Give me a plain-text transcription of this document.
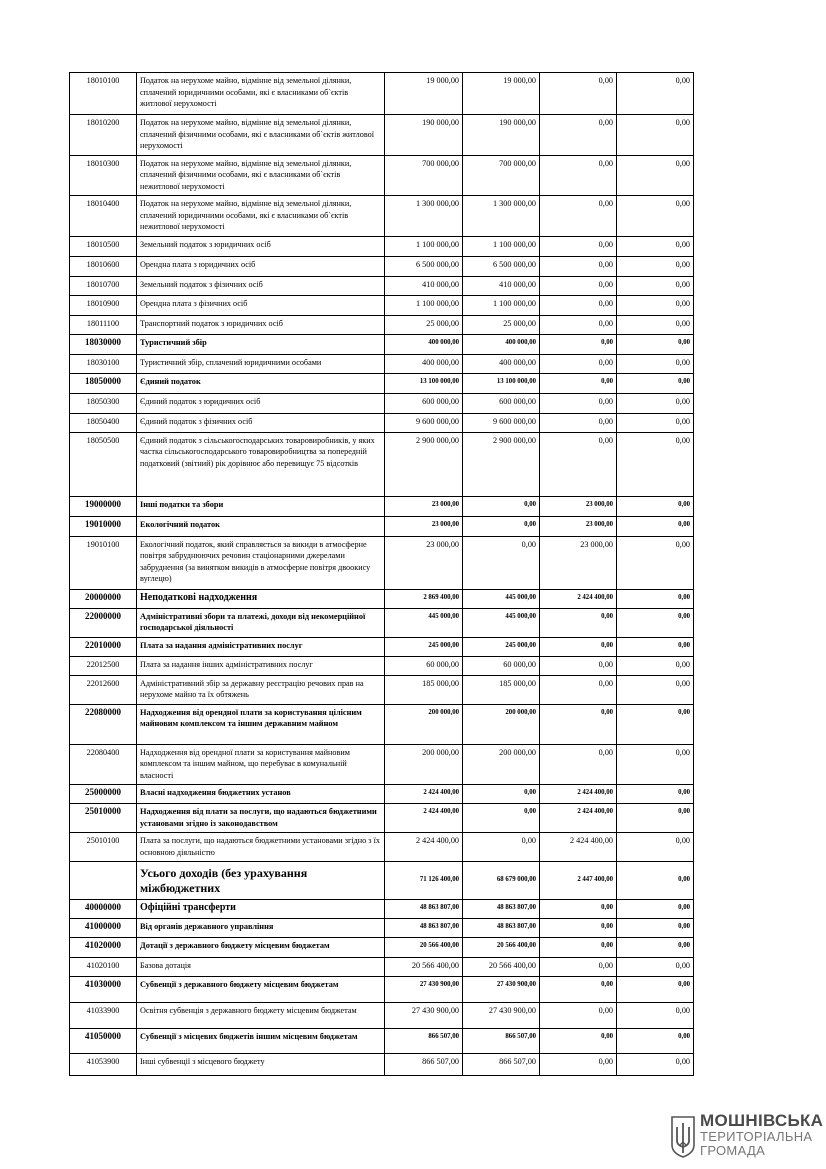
18010100	Податок на нерухоме майно, відмінне від земельної ділянки, сплачений юридичними особами, які є власниками об`єктів житлової нерухомості	19 000,00	19 000,00	0,00	0,00
18010200	Податок на нерухоме майно, відмінне від земельної ділянки, сплачений фізичними особами, які є власниками об`єктів житлової нерухомості	190 000,00	190 000,00	0,00	0,00
18010300	Податок на нерухоме майно, відмінне від земельної ділянки, сплачений фізичними особами, які є власниками об`єктів нежитлової нерухомості	700 000,00	700 000,00	0,00	0,00
18010400	Податок на нерухоме майно, відмінне від земельної ділянки, сплачений юридичними особами, які є власниками об`єктів нежитлової нерухомості	1 300 000,00	1 300 000,00	0,00	0,00
18010500	Земельний податок з юридичних осіб	1 100 000,00	1 100 000,00	0,00	0,00
18010600	Орендна плата з юридичних осіб	6 500 000,00	6 500 000,00	0,00	0,00
18010700	Земельний податок з фізичних осіб	410 000,00	410 000,00	0,00	0,00
18010900	Орендна плата з фізичних осіб	1 100 000,00	1 100 000,00	0,00	0,00
18011100	Транспортний податок з юридичних осіб	25 000,00	25 000,00	0,00	0,00
18030000	Туристичний збір	400 000,00	400 000,00	0,00	0,00
18030100	Туристичний збір, сплачений юридичними особами	400 000,00	400 000,00	0,00	0,00
18050000	Єдиний податок	13 100 000,00	13 100 000,00	0,00	0,00
18050300	Єдиний податок з юридичних осіб	600 000,00	600 000,00	0,00	0,00
18050400	Єдиний податок з фізичних осіб	9 600 000,00	9 600 000,00	0,00	0,00
18050500	Єдиний податок з сільськогосподарських товаровиробників, у яких частка сільськогосподарського товаровиробництва за попередній податковий (звітний) рік дорівнює або перевищує 75 відсотків	2 900 000,00	2 900 000,00	0,00	0,00
19000000	Інші податки та збори	23 000,00	0,00	23 000,00	0,00
19010000	Екологічний податок	23 000,00	0,00	23 000,00	0,00
19010100	Екологічний податок, який справляється за викиди в атмосферне повітря забруднюючих речовин стаціонарними джерелами забруднення (за винятком викидів в атмосферне повітря двоокису вуглецю)	23 000,00	0,00	23 000,00	0,00
20000000	Неподаткові надходження	2 869 400,00	445 000,00	2 424 400,00	0,00
22000000	Адміністративні збори та платежі, доходи від некомерційної господарської діяльності	445 000,00	445 000,00	0,00	0,00
22010000	Плата за надання адміністративних послуг	245 000,00	245 000,00	0,00	0,00
22012500	Плата за надання інших адміністративних послуг	60 000,00	60 000,00	0,00	0,00
22012600	Адміністративний збір за державну реєстрацію речових прав на нерухоме майно та їх обтяжень	185 000,00	185 000,00	0,00	0,00
22080000	Надходження від орендної плати за користування цілісним майновим комплексом та іншим державним майном	200 000,00	200 000,00	0,00	0,00
22080400	Надходження від орендної плати за користування майновим комплексом та іншим майном, що перебуває в комунальній власності	200 000,00	200 000,00	0,00	0,00
25000000	Власні надходження бюджетних установ	2 424 400,00	0,00	2 424 400,00	0,00
25010000	Надходження від плати за послуги, що надаються бюджетними установами згідно із законодавством	2 424 400,00	0,00	2 424 400,00	0,00
25010100	Плата за послуги, що надаються бюджетними установами згідно з їх основною діяльністю	2 424 400,00	0,00	2 424 400,00	0,00
	Усього доходів (без урахування міжбюджетних	71 126 400,00	68 679 000,00	2 447 400,00	0,00
40000000	Офіційні трансферти	48 863 807,00	48 863 807,00	0,00	0,00
41000000	Від органів державного управління	48 863 807,00	48 863 807,00	0,00	0,00
41020000	Дотації з державного бюджету місцевим бюджетам	20 566 400,00	20 566 400,00	0,00	0,00
41020100	Базова дотація	20 566 400,00	20 566 400,00	0,00	0,00
41030000	Субвенції з державного бюджету місцевим бюджетам	27 430 900,00	27 430 900,00	0,00	0,00
41033900	Освітня субвенція з державного бюджету місцевим бюджетам	27 430 900,00	27 430 900,00	0,00	0,00
41050000	Субвенції з місцевих бюджетів іншим місцевим бюджетам	866 507,00	866 507,00	0,00	0,00
41053900	Інші субвенції з місцевого бюджету	866 507,00	866 507,00	0,00	0,00
МОШНІВСЬКА
ТЕРИТОРІАЛЬНА
ГРОМАДА
